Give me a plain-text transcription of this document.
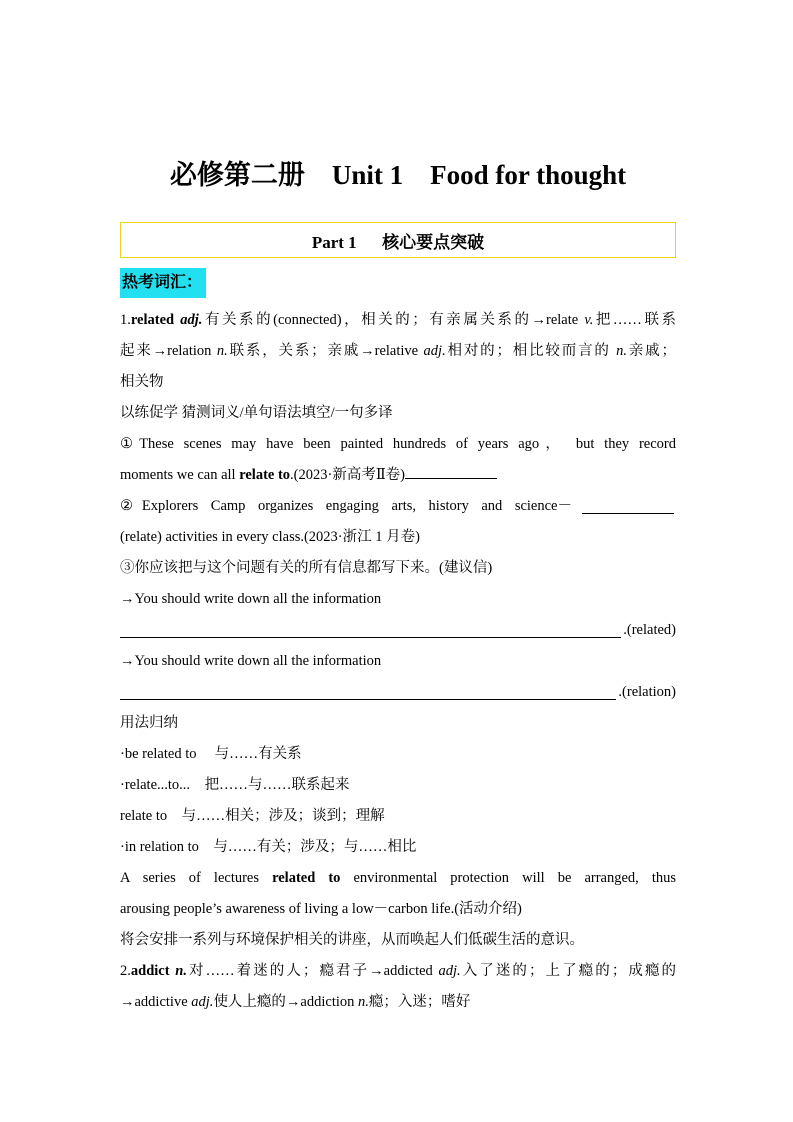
必修第二册    Unit 1    Food for thought
Part 1      核心要点突破
热考词汇：
1.related adj.有关系的(connected)，相关的；有亲属关系的→relate v.把……联系
起来→relation n.联系，关系；亲戚→relative adj.相对的；相比较而言的 n.亲戚；
相关物
以练促学 猜测词义/单句语法填空/一句多译
①These scenes may have been painted hundreds of years ago， but they record
moments we can all relate to.(2023·新高考Ⅱ卷)
②Explorers Camp organizes engaging arts, history and science－
(relate) activities in every class.(2023·浙江 1 月卷)
③你应该把与这个问题有关的所有信息都写下来。(建议信)
→You should write down all the information
.(related)
→You should write down all the information
.(relation)
用法归纳
·be related to 与……有关系
·relate...to... 把……与……联系起来
relate to 与……相关；涉及；谈到；理解
·in relation to 与……有关；涉及；与……相比
A series of lectures related to environmental protection will be arranged, thus
arousing people’s awareness of living a low－carbon life.(活动介绍)
将会安排一系列与环境保护相关的讲座，从而唤起人们低碳生活的意识。
2.addict n.对……着迷的人；瘾君子→addicted adj.入了迷的；上了瘾的；成瘾的
→addictive adj.使人上瘾的→addiction n.瘾；入迷；嗜好
